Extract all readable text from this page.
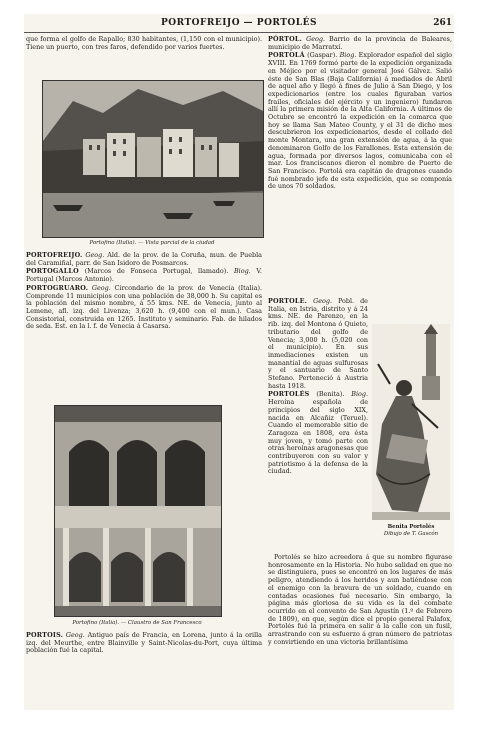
PORTOFREIJO — PORTOLÉS	261

que forma el golfo de Rapallo; 830 habitantes, (1,150 con el municipio). Tiene un puerto, con tres faros, defendido por varios fuertes.

Portofino (Italia). — Vista parcial de la ciudad

PORTOFREIJO. Geog. Ald. de la prov. de la Coruña, mun. de Puebla del Caramiñal, parr. de San Isidoro de Posmarcos.

PORTOGALLO (Marcos de Fonseca Portugal, llamado). Biog. V. Portugal (Marcos Antonio).

PORTOGRUARO. Geog. Circondario de la prov. de Venecia (Italia). Comprende 11 municipios con una población de 38,000 h. Su capital es la población del mismo nombre, á 55 kms. NE. de Venecia, junto al Lemene, afl. izq. del Livenza; 3,620 h. (9,400 con el mun.). Casa Consistorial, construida en 1265. Instituto y seminario. Fab. de hilados de seda. Est. en la l. f. de Venecia á Casarsa.

Portofino (Italia). — Claustro de San Francesco

PORTOIS. Geog. Antiguo país de Francia, en Lorena, junto á la orilla izq. del Meurthe, entre Blainville y Saint-Nicolas-du-Port, cuya última población fué la capital.

PÓRTOL. Geog. Barrio de la provincia de Baleares, municipio de Marratxí.

PORTOLÁ (Gaspar). Biog. Explorador español del siglo XVIII. En 1769 formó parte de la expedición organizada en Méjico por el visitador general José Gálvez. Salió éste de San Blas (Baja California) á mediados de Abril de aquel año y llegó á fines de Julio á San Diego, y los expedicionarios (entre los cuales figuraban varios frailes, oficiales del ejército y un ingeniero) fundaron allí la primera misión de la Alta California. A últimos de Octubre se encontró la expedición en la comarca que hoy se llama San Mateo County, y el 31 de dicho mes descubrieron los expedicionarios, desde el collado del monte Montara, una gran extensión de agua, á la que denominaron Golfo de los Farallones. Esta extensión de agua, formada por diversos lagos, comunicaba con el mar. Los franciscanos dieron el nombre de Puerto de San Francisco. Portolá era capitán de dragones cuando fué nombrado jefe de esta expedición, que se componía de unos 70 soldados.

PORTOLE. Geog. Pobl. de Italia, en Istria, distrito y á 24 kms. NE. de Parenzo, en la rib. izq. del Montona ó Quieto, tributario del golfo de Venecia; 3,000 h. (5,020 con el municipio). En sus inmediaciones existen un manantial de aguas sulfurosas y el santuario de Santo Stefano. Perteneció á Austria hasta 1918.

PORTOLÉS (Benita). Biog. Heroína española de principios del siglo XIX, nacida en Alcañiz (Teruel). Cuando el memorable sitio de Zaragoza en 1808, era ésta muy joven, y tomó parte con otras heroínas aragonesas que contribuyeron con su valor y patriotismo á la defensa de la ciudad.

Benita Portolés
Dibujo de T. Gascón

Portolés se hizo acreedora á que su nombre figurase honrosamente en la Historia. No hubo salidad en que no se distinguiera, pues se encontró en los lugares de más peligro, atendiendo á los heridos y aun batiéndose con el enemigo con la bravura de un soldado, cuando en contadas ocasiones fué necesario. Sin embargo, la página más gloriosa de su vida es la del combate ocurrido en el convento de San Agustín (1.º de Febrero de 1809), en que, según dice el propio general Palafox, Portolés fué la primera en salir á la calle con un fusil, arrastrando con su esfuerzo á gran número de patriotas y convirtiendo en una victoria brillantísima
